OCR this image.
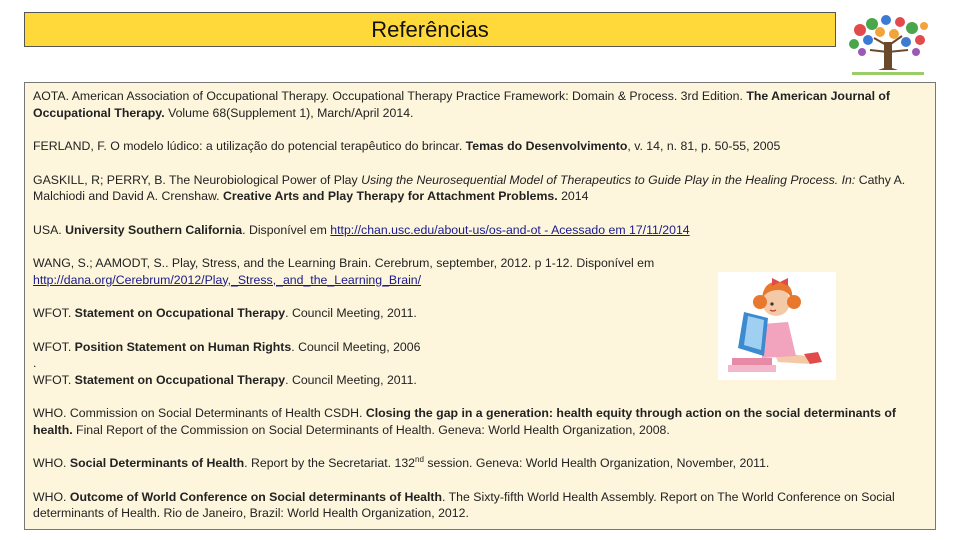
Referências

AOTA. American Association of Occupational Therapy. Occupational Therapy Practice Framework: Domain & Process. 3rd Edition. The American Journal of Occupational Therapy. Volume 68(Supplement 1), March/April 2014.

FERLAND, F. O modelo lúdico: a utilização do potencial terapêutico do brincar. Temas do Desenvolvimento, v. 14, n. 81, p. 50-55, 2005

GASKILL, R; PERRY, B. The Neurobiological Power of Play Using the Neurosequential Model of Therapeutics to Guide Play in the Healing Process. In: Cathy A. Malchiodi and David A. Crenshaw. Creative Arts and Play Therapy for Attachment Problems. 2014

USA. University Southern California. Disponível em http://chan.usc.edu/about-us/os-and-ot - Acessado em 17/11/2014

WANG, S.; AAMODT, S.. Play, Stress, and the Learning Brain. Cerebrum, september, 2012. p 1-12. Disponível em
http://dana.org/Cerebrum/2012/Play,_Stress,_and_the_Learning_Brain/

WFOT. Statement on Occupational Therapy. Council Meeting, 2011.

WFOT. Position Statement on Human Rights. Council Meeting, 2006

.
WFOT. Statement on Occupational Therapy. Council Meeting, 2011.

WHO. Commission on Social Determinants of Health CSDH. Closing the gap in a generation: health equity through action on the social determinants of health. Final Report of the Commission on Social Determinants of Health. Geneva: World Health Organization, 2008.

WHO. Social Determinants of Health. Report by the Secretariat. 132nd session. Geneva: World Health Organization, November, 2011.

WHO. Outcome of World Conference on Social determinants of Health. The Sixty-fifth World Health Assembly. Report on The World Conference on Social determinants of Health. Rio de Janeiro, Brazil: World Health Organization, 2012.
